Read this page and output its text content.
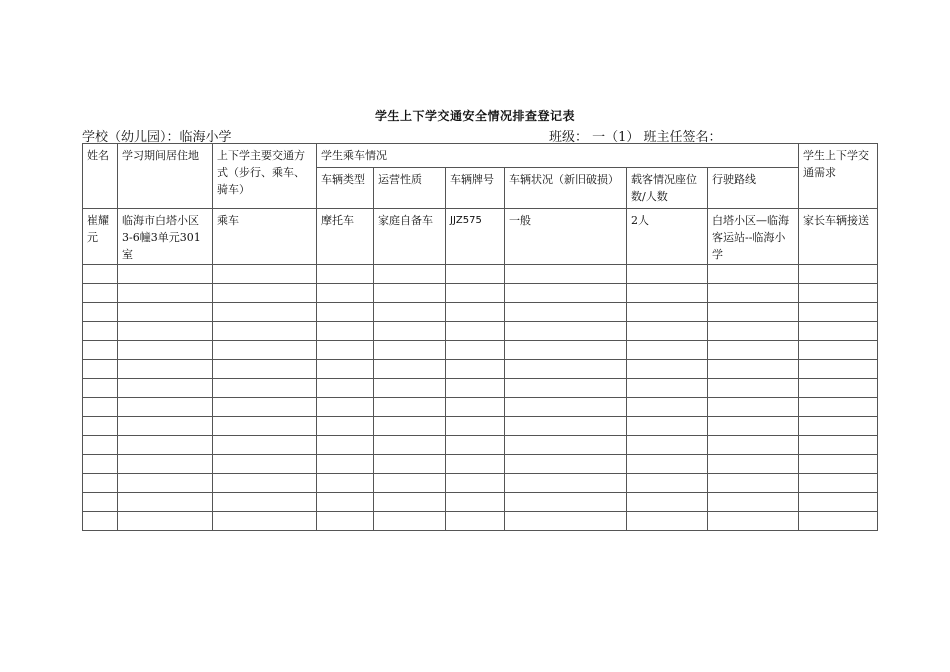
学生上下学交通安全情况排查登记表
学校（幼儿园）：临海小学	班级： 一（1） 班主任签名：
姓名	学习期间居住地	上下学主要交通方式（步行、乘车、骑车）	学生乘车情况						学生上下学交通需求
			车辆类型	运营性质	车辆牌号	车辆状况（新旧破损）	载客情况座位数/人数	行驶路线	
崔耀元	临海市白塔小区3-6幢3单元301室	乘车	摩托车	家庭自备车	JJZ575	一般	2人	白塔小区—临海客运站--临海小学	家长车辆接送
